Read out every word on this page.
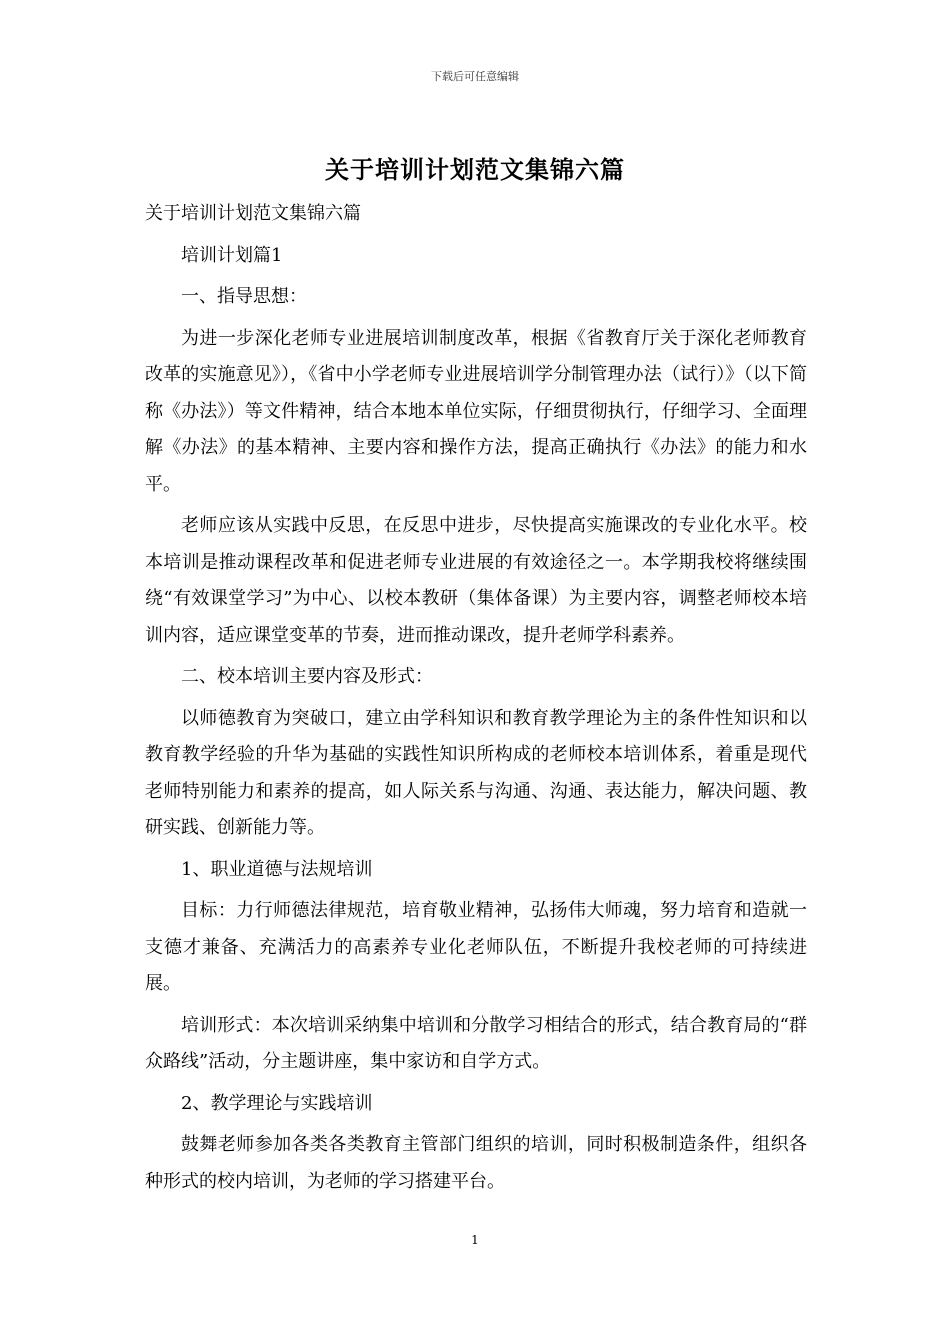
下载后可任意编辑
关于培训计划范文集锦六篇

关于培训计划范文集锦六篇

培训计划篇1

一、指导思想：

为进一步深化老师专业进展培训制度改革，根据《省教育厅关于深化老师教育改革的实施意见》），《省中小学老师专业进展培训学分制管理办法（试行）》（以下简称《办法》）等文件精神，结合本地本单位实际，仔细贯彻执行，仔细学习、全面理解《办法》的基本精神、主要内容和操作方法，提高正确执行《办法》的能力和水平。

老师应该从实践中反思，在反思中进步，尽快提高实施课改的专业化水平。校本培训是推动课程改革和促进老师专业进展的有效途径之一。本学期我校将继续围绕“有效课堂学习”为中心、以校本教研（集体备课）为主要内容，调整老师校本培训内容，适应课堂变革的节奏，进而推动课改，提升老师学科素养。

二、校本培训主要内容及形式：

以师德教育为突破口，建立由学科知识和教育教学理论为主的条件性知识和以教育教学经验的升华为基础的实践性知识所构成的老师校本培训体系，着重是现代老师特别能力和素养的提高，如人际关系与沟通、沟通、表达能力，解决问题、教研实践、创新能力等。

1、职业道德与法规培训

目标：力行师德法律规范，培育敬业精神，弘扬伟大师魂，努力培育和造就一支德才兼备、充满活力的高素养专业化老师队伍，不断提升我校老师的可持续进展。

培训形式：本次培训采纳集中培训和分散学习相结合的形式，结合教育局的“群众路线”活动，分主题讲座，集中家访和自学方式。

2、教学理论与实践培训

鼓舞老师参加各类各类教育主管部门组织的培训，同时积极制造条件，组织各种形式的校内培训，为老师的学习搭建平台。

1
